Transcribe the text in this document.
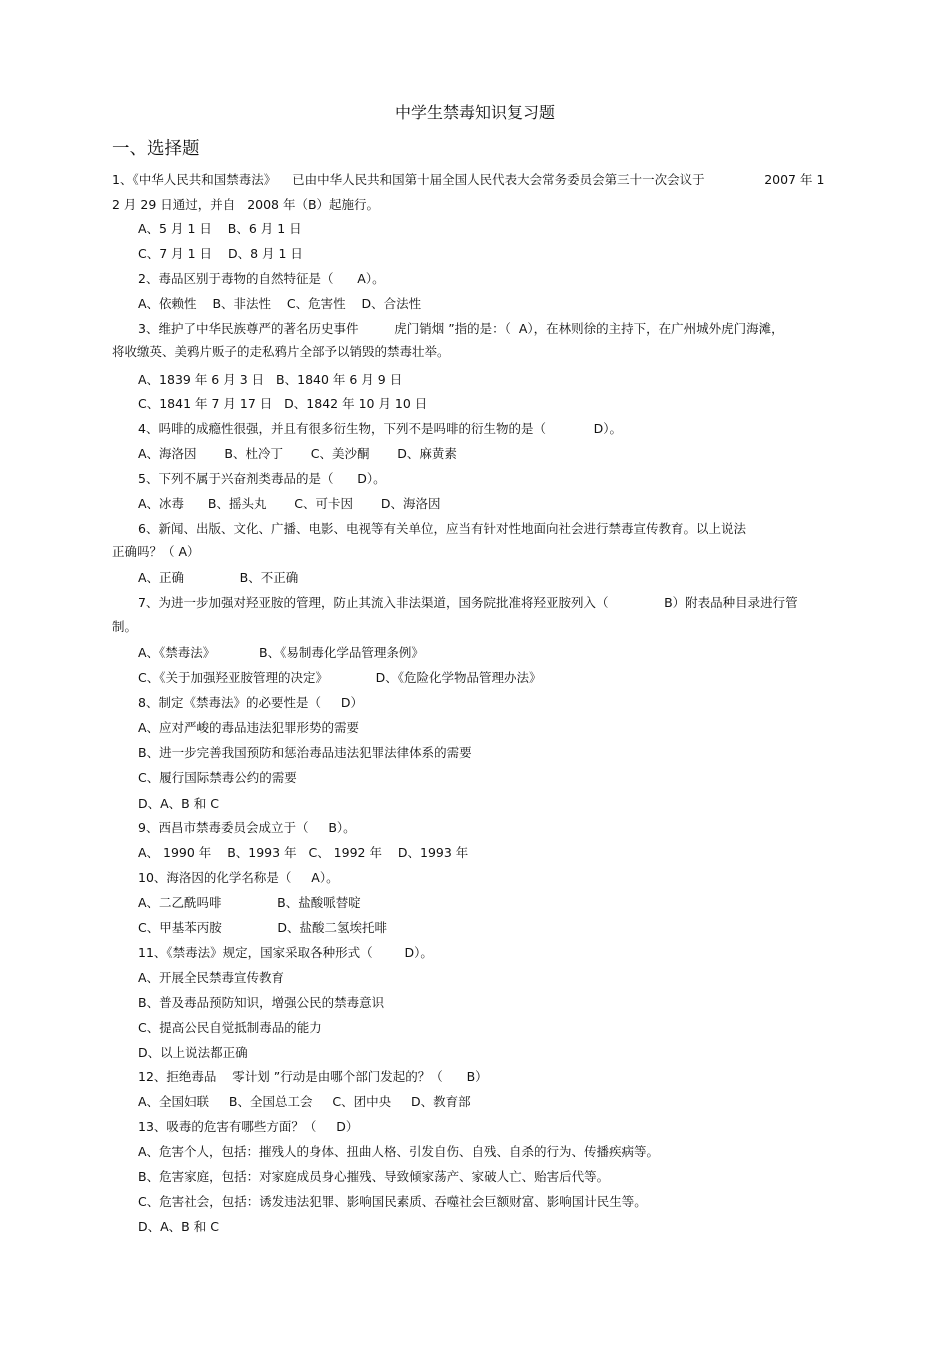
中学生禁毒知识复习题
一、选择题
1、《中华人民共和国禁毒法》    已由中华人民共和国第十届全国人民代表大会常务委员会第三十一次会议于               2007 年 1
2 月 29 日通过，并自   2008 年（B）起施行。
A、5 月 1 日    B、6 月 1 日
C、7 月 1 日    D、8 月 1 日
2、毒品区别于毒物的自然特征是（      A）。
A、依赖性    B、非法性    C、危害性    D、合法性
3、维护了中华民族尊严的著名历史事件         虎门销烟 ”指的是：（  A），在林则徐的主持下，在广州城外虎门海滩，
将收缴英、美鸦片贩子的走私鸦片全部予以销毁的禁毒壮举。
A、1839 年 6 月 3 日   B、1840 年 6 月 9 日
C、1841 年 7 月 17 日   D、1842 年 10 月 10 日
4、吗啡的成瘾性很强，并且有很多衍生物，下列不是吗啡的衍生物的是（            D）。
A、海洛因       B、杜冷丁       C、美沙酮       D、麻黄素
5、下列不属于兴奋剂类毒品的是（      D）。
A、冰毒      B、摇头丸       C、可卡因       D、海洛因
6、新闻、出版、文化、广播、电影、电视等有关单位，应当有针对性地面向社会进行禁毒宣传教育。以上说法
正确吗？（ A）
A、正确              B、不正确
7、为进一步加强对羟亚胺的管理，防止其流入非法渠道，国务院批准将羟亚胺列入（              B）附表品种目录进行管
制。
A、《禁毒法》           B、《易制毒化学品管理条例》
C、《关于加强羟亚胺管理的决定》            D、《危险化学物品管理办法》
8、制定《禁毒法》的必要性是（     D）
A、应对严峻的毒品违法犯罪形势的需要
B、进一步完善我国预防和惩治毒品违法犯罪法律体系的需要
C、履行国际禁毒公约的需要
D、A、B 和 C
9、西昌市禁毒委员会成立于（     B）。
A、 1990 年    B、1993 年   C、 1992 年    D、1993 年
10、海洛因的化学名称是（     A）。
A、二乙酰吗啡              B、盐酸哌替啶
C、甲基苯丙胺              D、盐酸二氢埃托啡
11、《禁毒法》规定，国家采取各种形式（        D）。
A、开展全民禁毒宣传教育
B、普及毒品预防知识，增强公民的禁毒意识
C、提高公民自觉抵制毒品的能力
D、以上说法都正确
12、拒绝毒品    零计划 ”行动是由哪个部门发起的？（      B）
A、全国妇联     B、全国总工会     C、团中央     D、教育部
13、吸毒的危害有哪些方面？（     D）
A、危害个人，包括：摧残人的身体、扭曲人格、引发自伤、自残、自杀的行为、传播疾病等。
B、危害家庭，包括：对家庭成员身心摧残、导致倾家荡产、家破人亡、贻害后代等。
C、危害社会，包括：诱发违法犯罪、影响国民素质、吞噬社会巨额财富、影响国计民生等。
D、A、B 和 C
